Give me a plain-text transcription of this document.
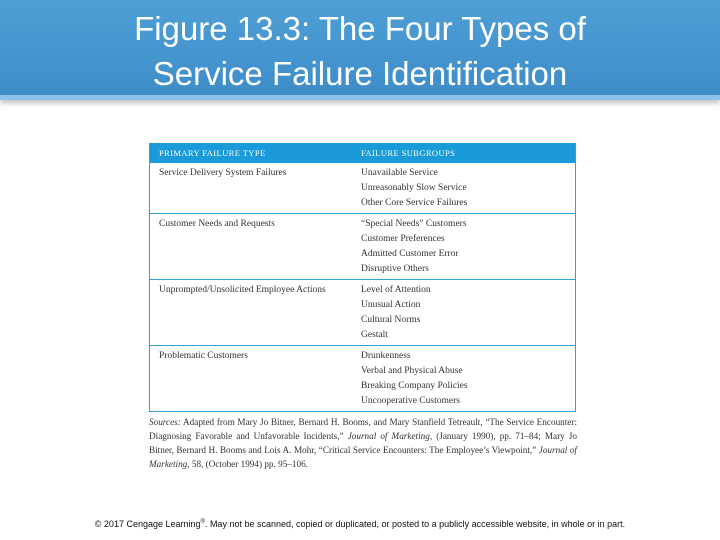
Figure 13.3: The Four Types of
Service Failure Identification
PRIMARY FAILURE TYPE	FAILURE SUBGROUPS
Service Delivery System Failures	Unavailable Service
Unreasonably Slow Service
Other Core Service Failures

Customer Needs and Requests	“Special Needs” Customers
Customer Preferences
Admitted Customer Error
Disruptive Others

Unprompted/Unsolicited Employee Actions	Level of Attention
Unusual Action
Cultural Norms
Gestalt

Problematic Customers	Drunkenness
Verbal and Physical Abuse
Breaking Company Policies
Uncooperative Customers
Sources: Adapted from Mary Jo Bitner, Bernard H. Booms, and Mary Stanfield Tetreault, “The Service Encounter: Diagnosing Favorable and Unfavorable Incidents,” Journal of Marketing, (January 1990), pp. 71–84; Mary Jo Bitner, Bernard H. Booms and Lois A. Mohr, “Critical Service Encounters: The Employee’s Viewpoint,” Journal of Marketing, 58, (October 1994) pp. 95–106.
© 2017 Cengage Learning®. May not be scanned, copied or duplicated, or posted to a publicly accessible website, in whole or in part.
